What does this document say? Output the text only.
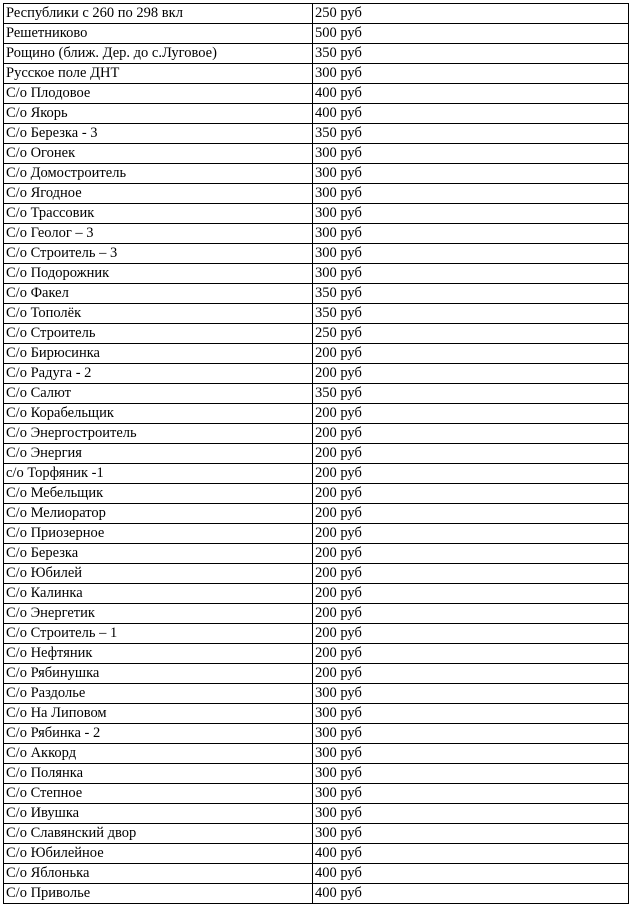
Республики с 260 по 298 вкл	250 руб
Решетниково	500 руб
Рощино (ближ. Дер. до с.Луговое)	350 руб
Русское поле ДНТ	300 руб
С/о Плодовое	400 руб
С/о Якорь	400 руб
С/о Березка - 3	350 руб
С/о Огонек	300 руб
С/о Домостроитель	300 руб
С/о Ягодное	300 руб
С/о Трассовик	300 руб
С/о Геолог – 3	300 руб
С/о Строитель – 3	300 руб
С/о Подорожник	300 руб
С/о Факел	350 руб
С/о Тополёк	350 руб
С/о Строитель	250 руб
С/о Бирюсинка	200 руб
С/о Радуга - 2	200 руб
С/о Салют	350 руб
С/о Корабельщик	200 руб
С/о Энергостроитель	200 руб
С/о Энергия	200 руб
с/о Торфяник -1	200 руб
С/о Мебельщик	200 руб
С/о Мелиоратор	200 руб
С/о Приозерное	200 руб
С/о Березка	200 руб
С/о Юбилей	200 руб
С/о Калинка	200 руб
С/о Энергетик	200 руб
С/о Строитель – 1	200 руб
С/о Нефтяник	200 руб
С/о Рябинушка	200 руб
С/о Раздолье	300 руб
С/о На Липовом	300 руб
С/о Рябинка - 2	300 руб
С/о Аккорд	300 руб
С/о Полянка	300 руб
С/о Степное	300 руб
С/о Ивушка	300 руб
С/о Славянский двор	300 руб
С/о Юбилейное	400 руб
С/о Яблонька	400 руб
С/о Приволье	400 руб
